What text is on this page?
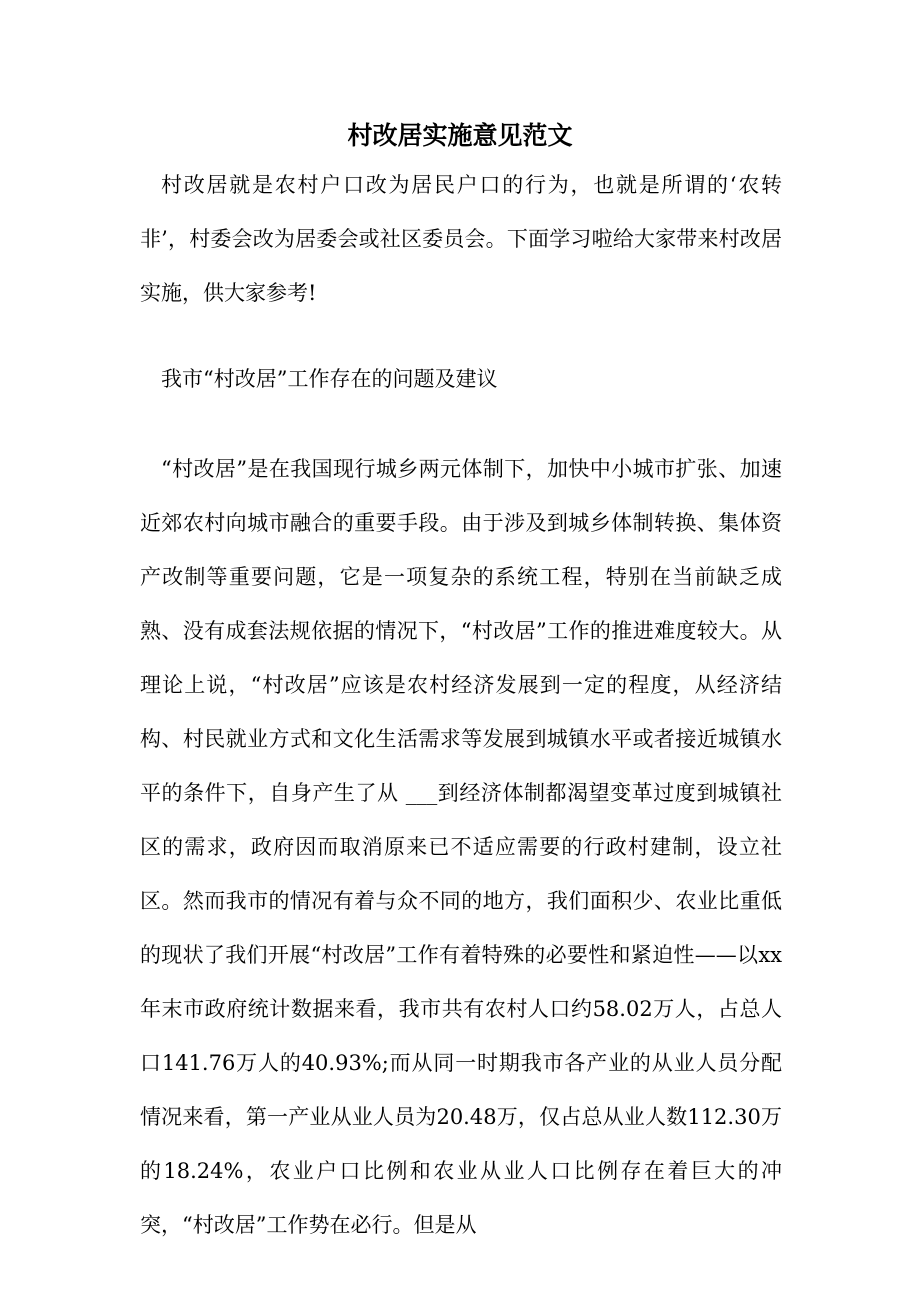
村改居实施意见范文

村改居就是农村户口改为居民户口的行为，也就是所谓的‘农转非’，村委会改为居委会或社区委员会。下面学习啦给大家带来村改居实施，供大家参考!

我市“村改居”工作存在的问题及建议

“村改居”是在我国现行城乡两元体制下，加快中小城市扩张、加速近郊农村向城市融合的重要手段。由于涉及到城乡体制转换、集体资产改制等重要问题，它是一项复杂的系统工程，特别在当前缺乏成熟、没有成套法规依据的情况下，“村改居”工作的推进难度较大。从理论上说，“村改居”应该是农村经济发展到一定的程度，从经济结构、村民就业方式和文化生活需求等发展到城镇水平或者接近城镇水平的条件下，自身产生了从 ___到经济体制都渴望变革过度到城镇社区的需求，政府因而取消原来已不适应需要的行政村建制，设立社区。然而我市的情况有着与众不同的地方，我们面积少、农业比重低的现状了我们开展“村改居”工作有着特殊的必要性和紧迫性——以xx年末市政府统计数据来看，我市共有农村人口约58.02万人，占总人口141.76万人的40.93%;而从同一时期我市各产业的从业人员分配情况来看，第一产业从业人员为20.48万，仅占总从业人数112.30万的18.24%，农业户口比例和农业从业人口比例存在着巨大的冲突，“村改居”工作势在必行。但是从
